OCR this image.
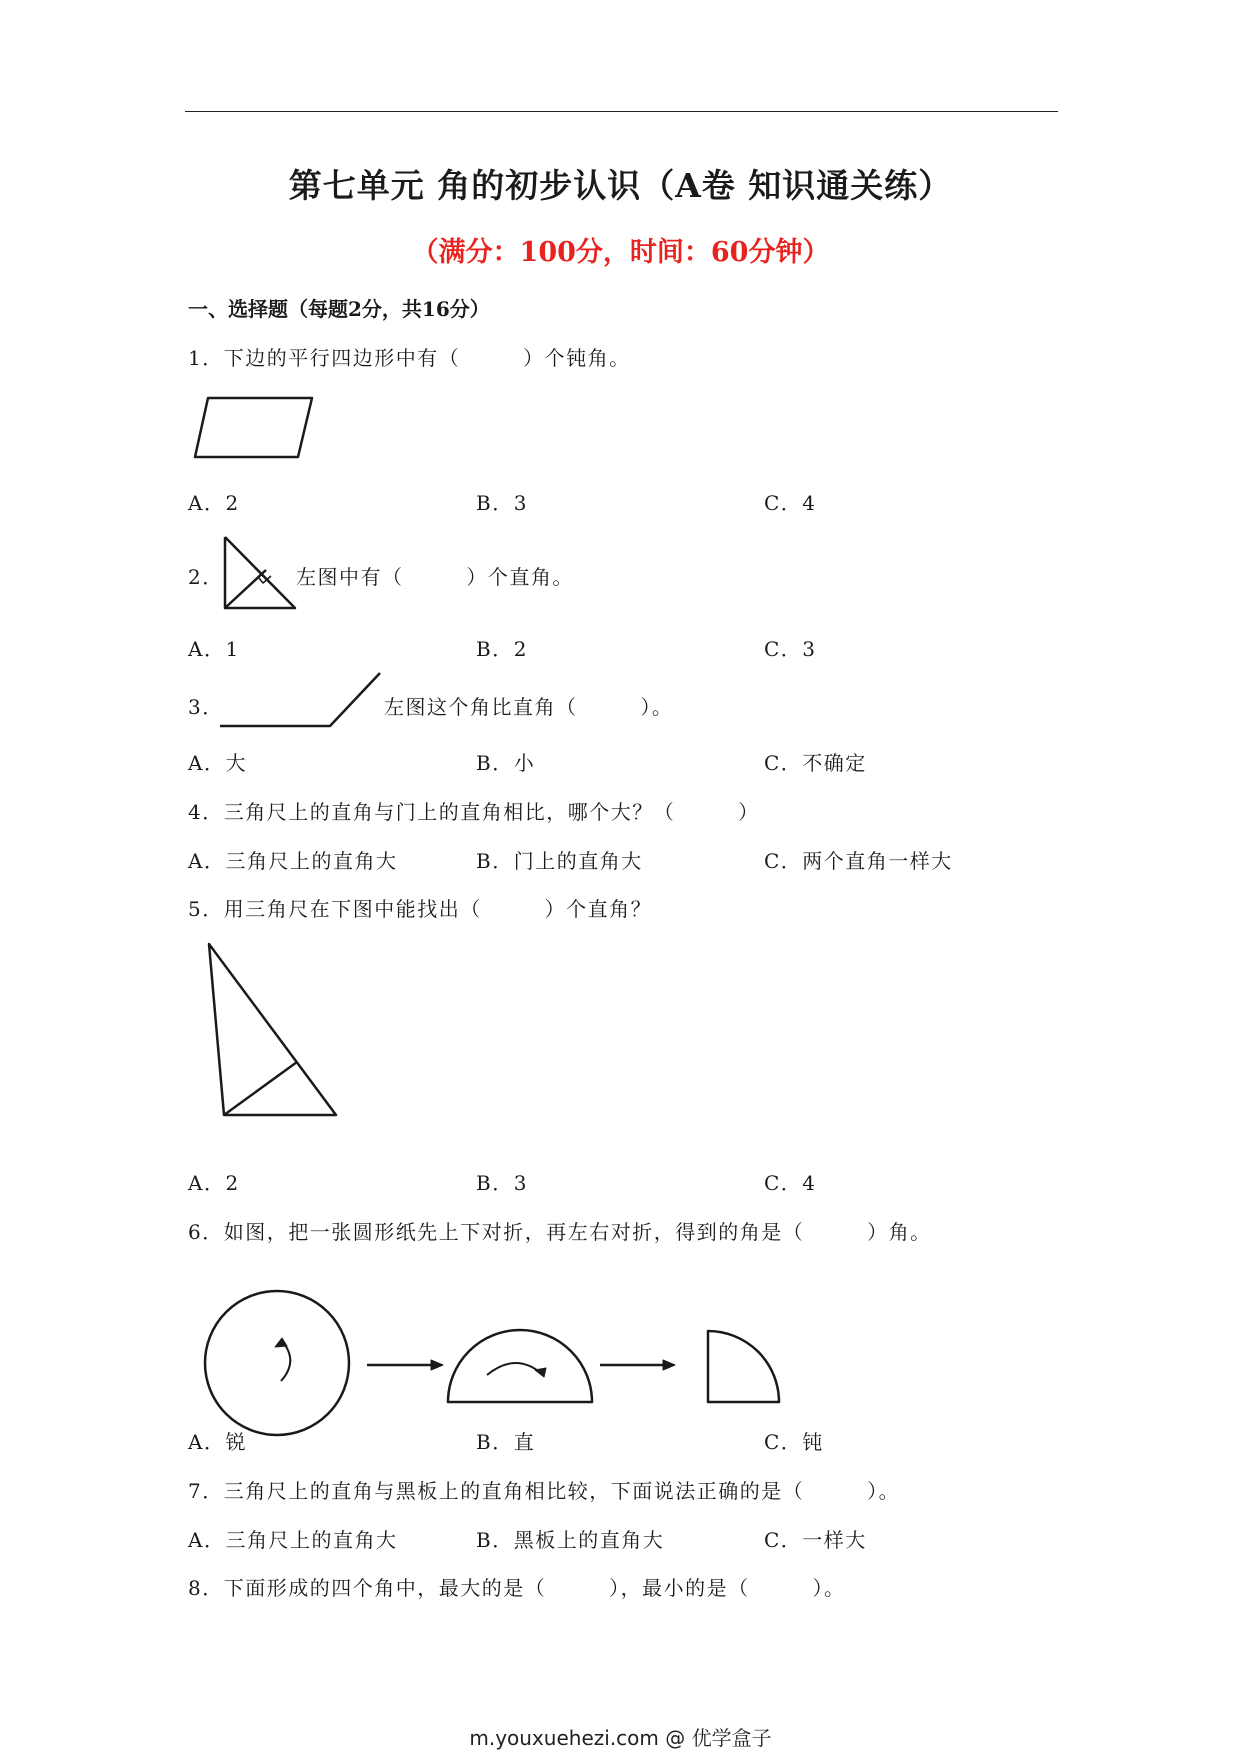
第七单元 角的初步认识（A卷 知识通关练）
（满分：100分，时间：60分钟）
一、选择题（每题2分，共16分）
1．下边的平行四边形中有（        ）个钝角。
A．2	B．3	C．4
2．	左图中有（        ）个直角。
A．1	B．2	C．3
3．	左图这个角比直角（        ）。
A．大	B．小	C．不确定
4．三角尺上的直角与门上的直角相比，哪个大？（        ）
A．三角尺上的直角大	B．门上的直角大	C．两个直角一样大
5．用三角尺在下图中能找出（        ）个直角？
A．2	B．3	C．4
6．如图，把一张圆形纸先上下对折，再左右对折，得到的角是（        ）角。
A．锐	B．直	C．钝
7．三角尺上的直角与黑板上的直角相比较，下面说法正确的是（        ）。
A．三角尺上的直角大	B．黑板上的直角大	C．一样大
8．下面形成的四个角中，最大的是（        ），最小的是（        ）。
m.youxuehezi.com @ 优学盒子
